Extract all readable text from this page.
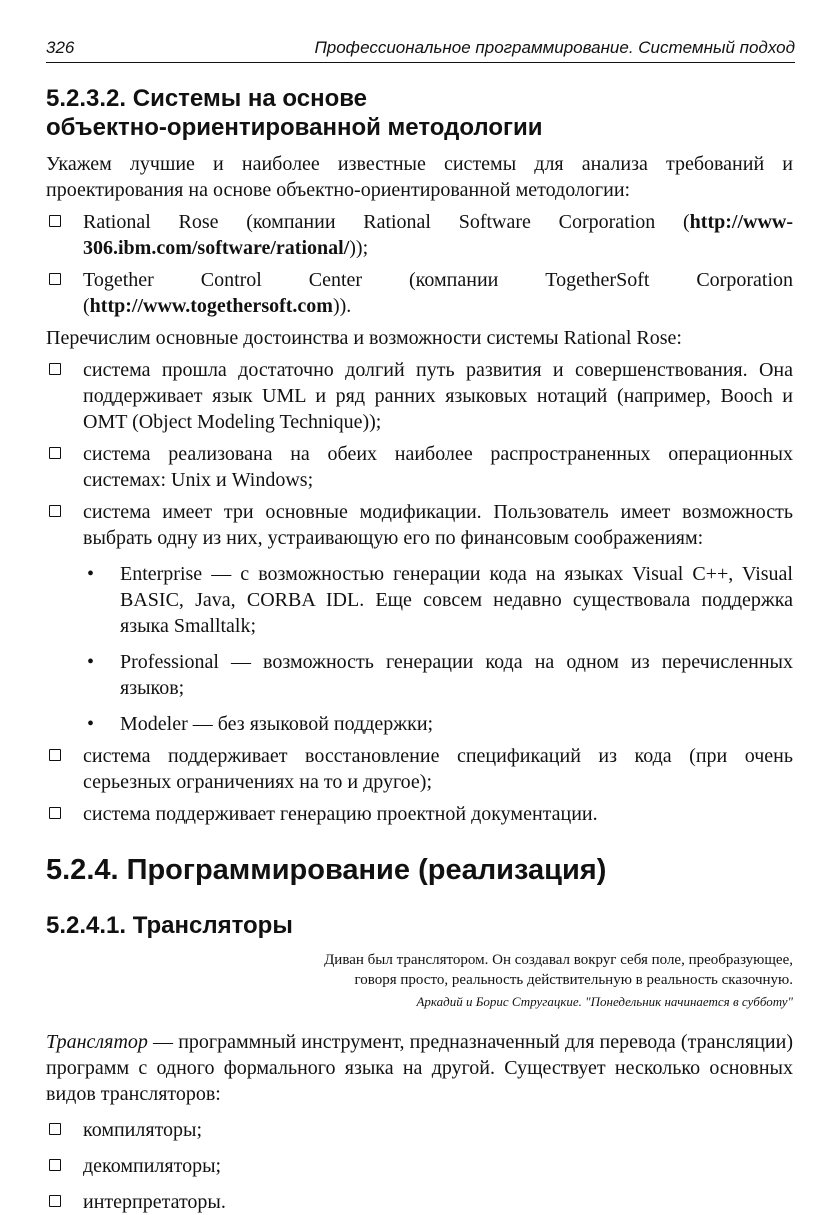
326	Профессиональное программирование. Системный подход
5.2.3.2. Системы на основе
объектно-ориентированной методологии

Укажем лучшие и наиболее известные системы для анализа требований и проектирования на основе объектно-ориентированной методологии:

Rational Rose (компании Rational Software Corporation (http://www-306.ibm.com/software/rational/));
Together Control Center (компании TogetherSoft Corporation (http://www.togethersoft.com)).

Перечислим основные достоинства и возможности системы Rational Rose:

система прошла достаточно долгий путь развития и совершенствования. Она поддерживает язык UML и ряд ранних языковых нотаций (например, Booch и OMT (Object Modeling Technique));
система реализована на обеих наиболее распространенных операционных системах: Unix и Windows;
система имеет три основные модификации. Пользователь имеет возможность выбрать одну из них, устраивающую его по финансовым соображениям:
• Enterprise — с возможностью генерации кода на языках Visual C++, Visual BASIC, Java, CORBA IDL. Еще совсем недавно существовала поддержка языка Smalltalk;
• Professional — возможность генерации кода на одном из перечисленных языков;
• Modeler — без языковой поддержки;
система поддерживает восстановление спецификаций из кода (при очень серьезных ограничениях на то и другое);
система поддерживает генерацию проектной документации.
5.2.4. Программирование (реализация)
5.2.4.1. Трансляторы
Диван был транслятором. Он создавал вокруг себя поле, преобразующее,
говоря просто, реальность действительную в реальность сказочную.
Аркадий и Борис Стругацкие. "Понедельник начинается в субботу"

Транслятор — программный инструмент, предназначенный для перевода (трансляции) программ с одного формального языка на другой. Существует несколько основных видов трансляторов:

компиляторы;
декомпиляторы;
интерпретаторы.
